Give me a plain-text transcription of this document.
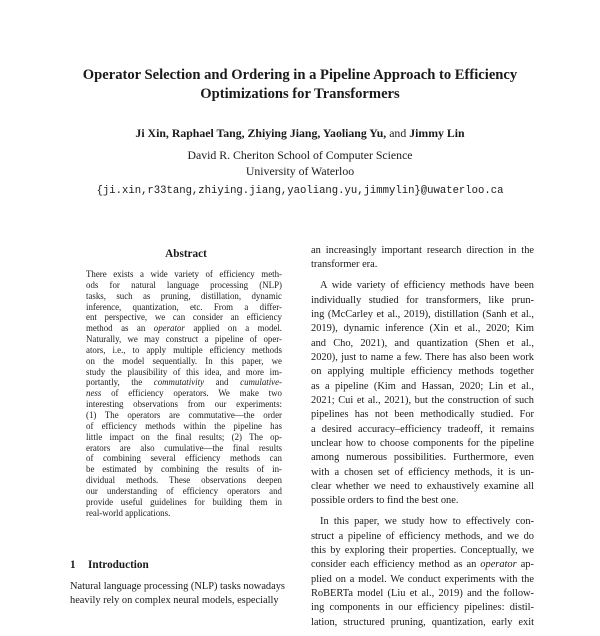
Operator Selection and Ordering in a Pipeline Approach to Efficiency
Optimizations for Transformers
Ji Xin, Raphael Tang, Zhiying Jiang, Yaoliang Yu, and Jimmy Lin
David R. Cheriton School of Computer Science
University of Waterloo
{ji.xin,r33tang,zhiying.jiang,yaoliang.yu,jimmylin}@uwaterloo.ca
Abstract
There exists a wide variety of efficiency meth-
ods for natural language processing (NLP)
tasks, such as pruning, distillation, dynamic
inference, quantization, etc. From a differ-
ent perspective, we can consider an efficiency
method as an operator applied on a model.
Naturally, we may construct a pipeline of oper-
ators, i.e., to apply multiple efficiency methods
on the model sequentially. In this paper, we
study the plausibility of this idea, and more im-
portantly, the commutativity and cumulative-
ness of efficiency operators. We make two
interesting observations from our experiments:
(1) The operators are commutative—the order
of efficiency methods within the pipeline has
little impact on the final results; (2) The op-
erators are also cumulative—the final results
of combining several efficiency methods can
be estimated by combining the results of in-
dividual methods. These observations deepen
our understanding of efficiency operators and
provide useful guidelines for building them in
real-world applications.
1 Introduction
Natural language processing (NLP) tasks nowadays
heavily rely on complex neural models, especially
an increasingly important research direction in the
transformer era.
A wide variety of efficiency methods have been
individually studied for transformers, like prun-
ing (McCarley et al., 2019), distillation (Sanh et al.,
2019), dynamic inference (Xin et al., 2020; Kim
and Cho, 2021), and quantization (Shen et al.,
2020), just to name a few. There has also been work
on applying multiple efficiency methods together
as a pipeline (Kim and Hassan, 2020; Lin et al.,
2021; Cui et al., 2021), but the construction of such
pipelines has not been methodically studied. For
a desired accuracy–efficiency tradeoff, it remains
unclear how to choose components for the pipeline
among numerous possibilities. Furthermore, even
with a chosen set of efficiency methods, it is un-
clear whether we need to exhaustively examine all
possible orders to find the best one.
In this paper, we study how to effectively con-
struct a pipeline of efficiency methods, and we do
this by exploring their properties. Conceptually, we
consider each efficiency method as an operator ap-
plied on a model. We conduct experiments with the
RoBERTa model (Liu et al., 2019) and the follow-
ing components in our efficiency pipelines: distil-
lation, structured pruning, quantization, early exit
